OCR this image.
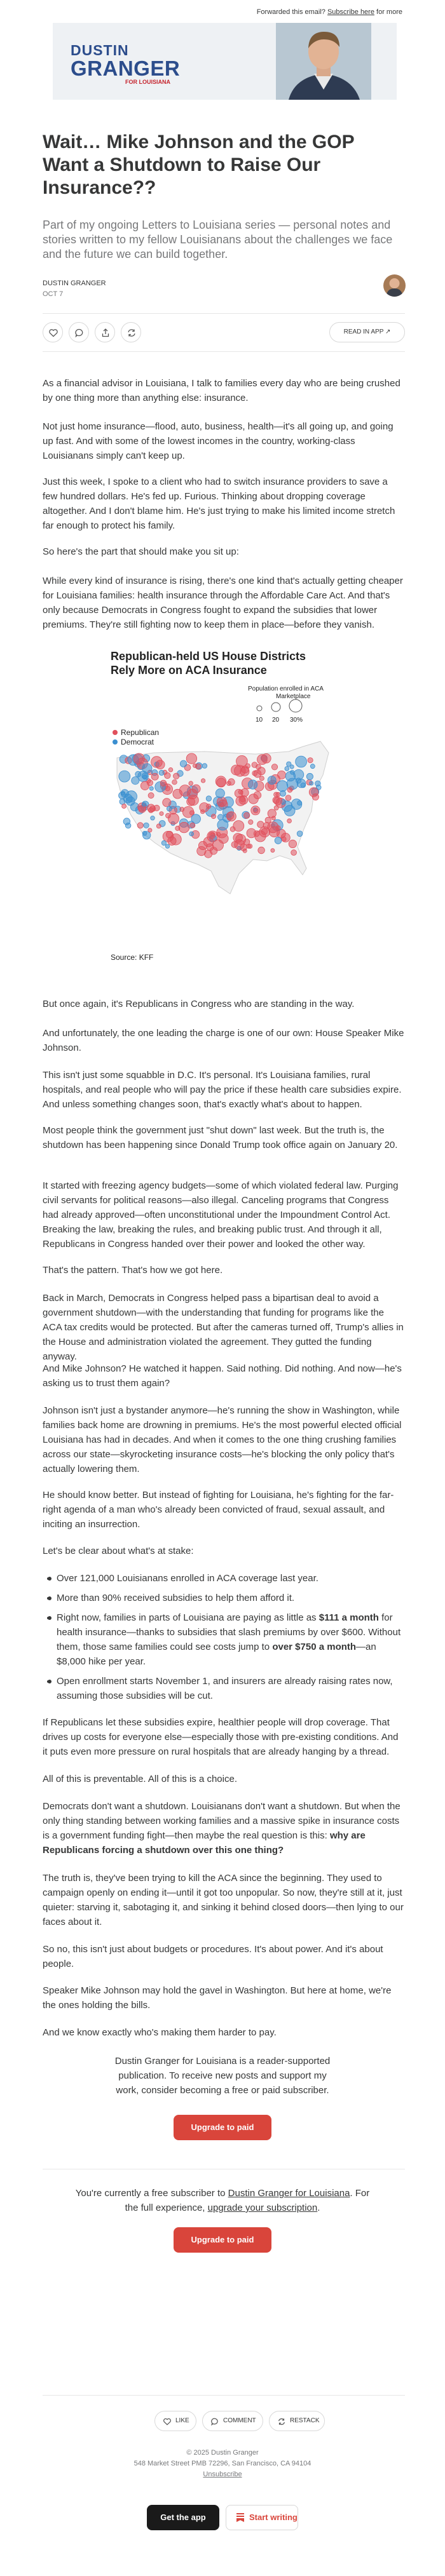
Forwarded this email? Subscribe here for more
DUSTIN
GRANGER
FOR LOUISIANA
Wait… Mike Johnson and the GOP Want a Shutdown to Raise Our Insurance??
Part of my ongoing Letters to Louisiana series — personal notes and stories written to my fellow Louisianans about the challenges we face and the future we can build together.
DUSTIN GRANGER
OCT 7
READ IN APP ↗
As a financial advisor in Louisiana, I talk to families every day who are being crushed by one thing more than anything else: insurance.
Not just home insurance—flood, auto, business, health—it's all going up, and going up fast. And with some of the lowest incomes in the country, working-class Louisianans simply can't keep up.
Just this week, I spoke to a client who had to switch insurance providers to save a few hundred dollars. He's fed up. Furious. Thinking about dropping coverage altogether. And I don't blame him. He's just trying to make his limited income stretch far enough to protect his family.
So here's the part that should make you sit up:
While every kind of insurance is rising, there's one kind that's actually getting cheaper for Louisiana families: health insurance through the Affordable Care Act. And that's only because Democrats in Congress fought to expand the subsidies that lower premiums. They're still fighting now to keep them in place—before they vanish.
Republican-held US House Districts
Rely More on ACA Insurance
Population enrolled in ACA
Marketplace
10 20 30%
Republican
Democrat
Source: KFF
But once again, it's Republicans in Congress who are standing in the way.
And unfortunately, the one leading the charge is one of our own: House Speaker Mike Johnson.
This isn't just some squabble in D.C. It's personal. It's Louisiana families, rural hospitals, and real people who will pay the price if these health care subsidies expire. And unless something changes soon, that's exactly what's about to happen.
Most people think the government just "shut down" last week. But the truth is, the shutdown has been happening since Donald Trump took office again on January 20.
It started with freezing agency budgets—some of which violated federal law. Purging civil servants for political reasons—also illegal. Canceling programs that Congress had already approved—often unconstitutional under the Impoundment Control Act. Breaking the law, breaking the rules, and breaking public trust. And through it all, Republicans in Congress handed over their power and looked the other way.
That's the pattern. That's how we got here.
Back in March, Democrats in Congress helped pass a bipartisan deal to avoid a government shutdown—with the understanding that funding for programs like the ACA tax credits would be protected. But after the cameras turned off, Trump's allies in the House and administration violated the agreement. They gutted the funding anyway.
And Mike Johnson? He watched it happen. Said nothing. Did nothing. And now—he's asking us to trust them again?
Johnson isn't just a bystander anymore—he's running the show in Washington, while families back home are drowning in premiums. He's the most powerful elected official Louisiana has had in decades. And when it comes to the one thing crushing families across our state—skyrocketing insurance costs—he's blocking the only policy that's actually lowering them.
He should know better. But instead of fighting for Louisiana, he's fighting for the far-right agenda of a man who's already been convicted of fraud, sexual assault, and inciting an insurrection.
Let's be clear about what's at stake:
• Over 121,000 Louisianans enrolled in ACA coverage last year.
• More than 90% received subsidies to help them afford it.
• Right now, families in parts of Louisiana are paying as little as $111 a month for health insurance—thanks to subsidies that slash premiums by over $600. Without them, those same families could see costs jump to over $750 a month—an $8,000 hike per year.
• Open enrollment starts November 1, and insurers are already raising rates now, assuming those subsidies will be cut.
If Republicans let these subsidies expire, healthier people will drop coverage. That drives up costs for everyone else—especially those with pre-existing conditions. And it puts even more pressure on rural hospitals that are already hanging by a thread.
All of this is preventable. All of this is a choice.
Democrats don't want a shutdown. Louisianans don't want a shutdown. But when the only thing standing between working families and a massive spike in insurance costs is a government funding fight—then maybe the real question is this: why are Republicans forcing a shutdown over this one thing?
The truth is, they've been trying to kill the ACA since the beginning. They used to campaign openly on ending it—until it got too unpopular. So now, they're still at it, just quieter: starving it, sabotaging it, and sinking it behind closed doors—then lying to our faces about it.
So no, this isn't just about budgets or procedures. It's about power. And it's about people.
Speaker Mike Johnson may hold the gavel in Washington. But here at home, we're the ones holding the bills.
And we know exactly who's making them harder to pay.
Dustin Granger for Louisiana is a reader-supported
publication. To receive new posts and support my
work, consider becoming a free or paid subscriber.
Upgrade to paid
You're currently a free subscriber to Dustin Granger for Louisiana. For
the full experience, upgrade your subscription.
Upgrade to paid
LIKE	COMMENT	RESTACK
© 2025 Dustin Granger
548 Market Street PMB 72296, San Francisco, CA 94104
Unsubscribe
Get the app	Start writing
